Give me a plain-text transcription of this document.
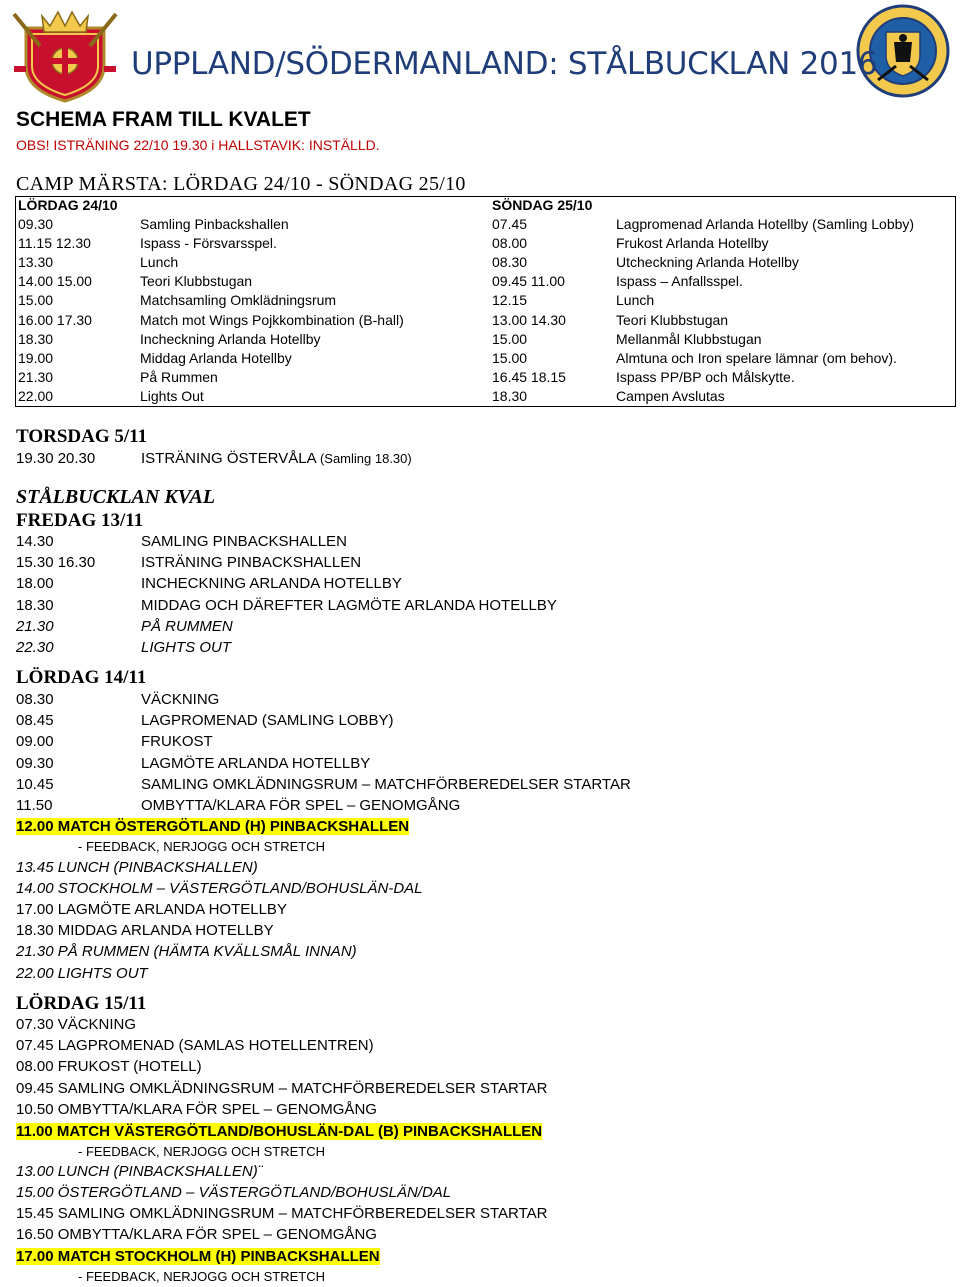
UPPLAND/SÖDERMANLAND: STÅLBUCKLAN 2016
SCHEMA FRAM TILL KVALET
OBS! ISTRÄNING 22/10 19.30 i HALLSTAVIK: INSTÄLLD.
CAMP MÄRSTA: LÖRDAG 24/10 - SÖNDAG 25/10
LÖRDAG 24/10	SÖNDAG 25/10
09.30	Samling Pinbackshallen	07.45	Lagpromenad Arlanda Hotellby (Samling Lobby)
11.15 12.30	Ispass - Försvarsspel.	08.00	Frukost Arlanda Hotellby
13.30	Lunch	08.30	Utcheckning Arlanda Hotellby
14.00 15.00	Teori Klubbstugan	09.45 11.00	Ispass – Anfallsspel.
15.00	Matchsamling Omklädningsrum	12.15	Lunch
16.00 17.30	Match mot Wings Pojkkombination (B-hall)	13.00 14.30	Teori Klubbstugan
18.30	Incheckning Arlanda Hotellby	15.00	Mellanmål Klubbstugan
19.00	Middag Arlanda Hotellby	15.00	Almtuna och Iron spelare lämnar (om behov).
21.30	På Rummen	16.45 18.15	Ispass PP/BP och Målskytte.
22.00	Lights Out	18.30	Campen Avslutas
TORSDAG 5/11
19.30 20.30	ISTRÄNING ÖSTERVÅLA (Samling 18.30)
STÅLBUCKLAN KVAL
FREDAG 13/11
14.30	SAMLING PINBACKSHALLEN
15.30 16.30	ISTRÄNING PINBACKSHALLEN
18.00	INCHECKNING ARLANDA HOTELLBY
18.30	MIDDAG OCH DÄREFTER LAGMÖTE ARLANDA HOTELLBY
21.30	PÅ RUMMEN
22.30	LIGHTS OUT
LÖRDAG 14/11
08.30	VÄCKNING
08.45	LAGPROMENAD (SAMLING LOBBY)
09.00	FRUKOST
09.30	LAGMÖTE ARLANDA HOTELLBY
10.45	SAMLING OMKLÄDNINGSRUM – MATCHFÖRBEREDELSER STARTAR
11.50	OMBYTTA/KLARA FÖR SPEL – GENOMGÅNG
12.00 MATCH ÖSTERGÖTLAND (H) PINBACKSHALLEN
- FEEDBACK, NERJOGG OCH STRETCH
13.45 LUNCH (PINBACKSHALLEN)
14.00 STOCKHOLM – VÄSTERGÖTLAND/BOHUSLÄN-DAL
17.00 LAGMÖTE ARLANDA HOTELLBY
18.30 MIDDAG ARLANDA HOTELLBY
21.30 PÅ RUMMEN (HÄMTA KVÄLLSMÅL INNAN)
22.00 LIGHTS OUT
LÖRDAG 15/11
07.30 VÄCKNING
07.45 LAGPROMENAD (SAMLAS HOTELLENTREN)
08.00 FRUKOST (HOTELL)
09.45 SAMLING OMKLÄDNINGSRUM – MATCHFÖRBEREDELSER STARTAR
10.50 OMBYTTA/KLARA FÖR SPEL – GENOMGÅNG
11.00 MATCH VÄSTERGÖTLAND/BOHUSLÄN-DAL (B) PINBACKSHALLEN
- FEEDBACK, NERJOGG OCH STRETCH
13.00 LUNCH (PINBACKSHALLEN)¨
15.00 ÖSTERGÖTLAND – VÄSTERGÖTLAND/BOHUSLÄN/DAL
15.45 SAMLING OMKLÄDNINGSRUM – MATCHFÖRBEREDELSER STARTAR
16.50 OMBYTTA/KLARA FÖR SPEL – GENOMGÅNG
17.00 MATCH STOCKHOLM (H) PINBACKSHALLEN
- FEEDBACK, NERJOGG OCH STRETCH
